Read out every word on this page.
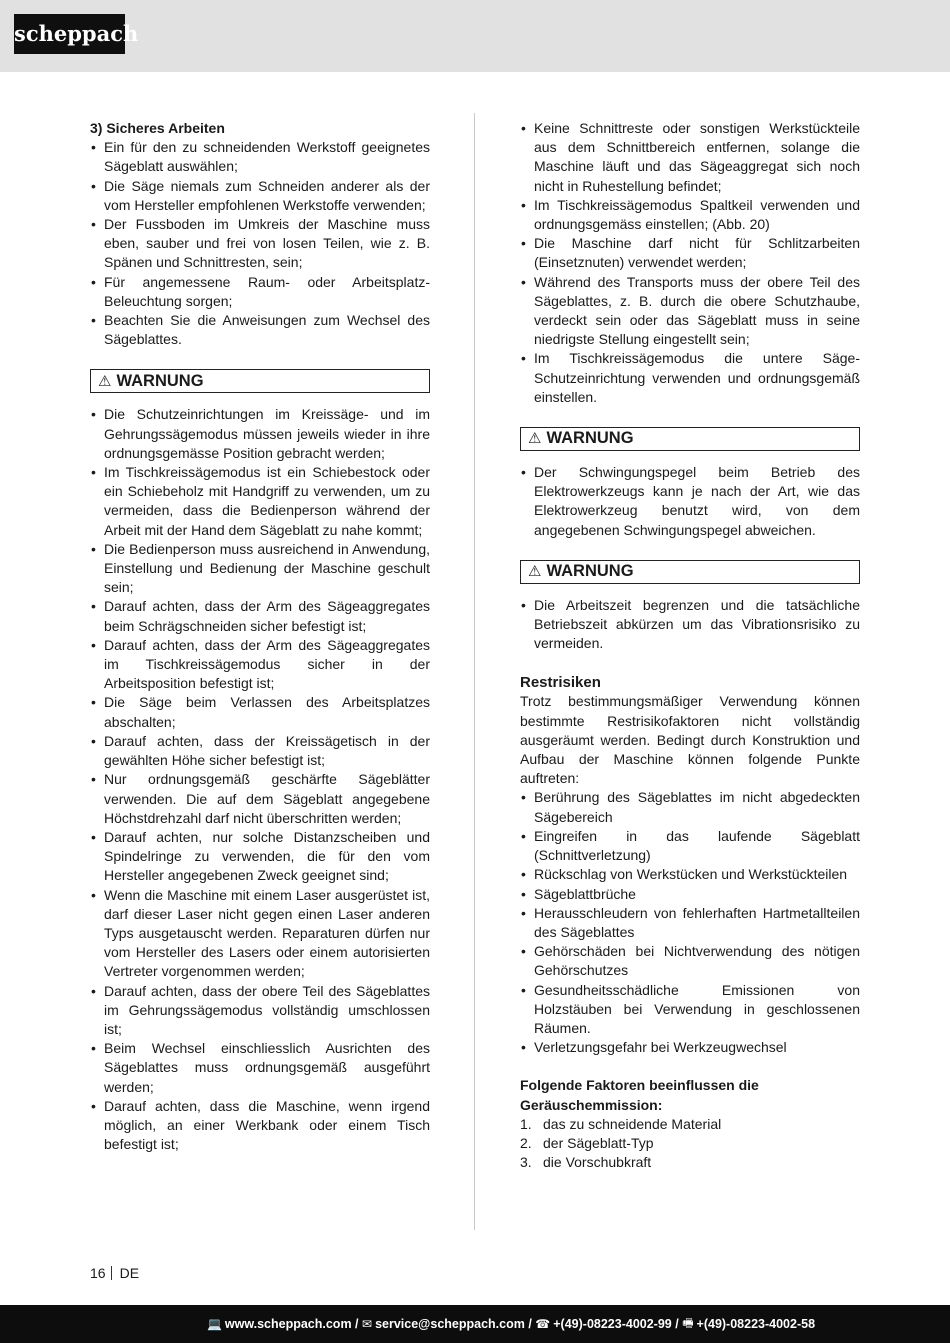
scheppach
3) Sicheres Arbeiten
• Ein für den zu schneidenden Werkstoff geeignetes Sägeblatt auswählen;
• Die Säge niemals zum Schneiden anderer als der vom Hersteller empfohlenen Werkstoffe verwenden;
• Der Fussboden im Umkreis der Maschine muss eben, sauber und frei von losen Teilen, wie z. B. Spänen und Schnittresten, sein;
• Für angemessene Raum- oder Arbeitsplatz-Beleuchtung sorgen;
• Beachten Sie die Anweisungen zum Wechsel des Sägeblattes.
⚠ WARNUNG
• Die Schutzeinrichtungen im Kreissäge- und im Gehrungssägemodus müssen jeweils wieder in ihre ordnungsgemässe Position gebracht werden;
• Im Tischkreissägemodus ist ein Schiebestock oder ein Schiebeholz mit Handgriff zu verwenden, um zu vermeiden, dass die Bedienperson während der Arbeit mit der Hand dem Sägeblatt zu nahe kommt;
• Die Bedienperson muss ausreichend in Anwendung, Einstellung und Bedienung der Maschine geschult sein;
• Darauf achten, dass der Arm des Sägeaggregates beim Schrägschneiden sicher befestigt ist;
• Darauf achten, dass der Arm des Sägeaggregates im Tischkreissägemodus sicher in der Arbeitsposition befestigt ist;
• Die Säge beim Verlassen des Arbeitsplatzes abschalten;
• Darauf achten, dass der Kreissägetisch in der gewählten Höhe sicher befestigt ist;
• Nur ordnungsgemäß geschärfte Sägeblätter verwenden. Die auf dem Sägeblatt angegebene Höchstdrehzahl darf nicht überschritten werden;
• Darauf achten, nur solche Distanzscheiben und Spindelringe zu verwenden, die für den vom Hersteller angegebenen Zweck geeignet sind;
• Wenn die Maschine mit einem Laser ausgerüstet ist, darf dieser Laser nicht gegen einen Laser anderen Typs ausgetauscht werden. Reparaturen dürfen nur vom Hersteller des Lasers oder einem autorisierten Vertreter vorgenommen werden;
• Darauf achten, dass der obere Teil des Sägeblattes im Gehrungssägemodus vollständig umschlossen ist;
• Beim Wechsel einschliesslich Ausrichten des Sägeblattes muss ordnungsgemäß ausgeführt werden;
• Darauf achten, dass die Maschine, wenn irgend möglich, an einer Werkbank oder einem Tisch befestigt ist;
• Keine Schnittreste oder sonstigen Werkstückteile aus dem Schnittbereich entfernen, solange die Maschine läuft und das Sägeaggregat sich noch nicht in Ruhestellung befindet;
• Im Tischkreissägemodus Spaltkeil verwenden und ordnungsgemäss einstellen; (Abb. 20)
• Die Maschine darf nicht für Schlitzarbeiten (Einsetznuten) verwendet werden;
• Während des Transports muss der obere Teil des Sägeblattes, z. B. durch die obere Schutzhaube, verdeckt sein oder das Sägeblatt muss in seine niedrigste Stellung eingestellt sein;
• Im Tischkreissägemodus die untere Säge-Schutzeinrichtung verwenden und ordnungsgemäß einstellen.
⚠ WARNUNG
• Der Schwingungspegel beim Betrieb des Elektrowerkzeugs kann je nach der Art, wie das Elektrowerkzeug benutzt wird, von dem angegebenen Schwingungspegel abweichen.
⚠ WARNUNG
• Die Arbeitszeit begrenzen und die tatsächliche Betriebszeit abkürzen um das Vibrationsrisiko zu vermeiden.
Restrisiken

Trotz bestimmungsmäßiger Verwendung können bestimmte Restrisikofaktoren nicht vollständig ausgeräumt werden. Bedingt durch Konstruktion und Aufbau der Maschine können folgende Punkte auftreten:

• Berührung des Sägeblattes im nicht abgedeckten Sägebereich
• Eingreifen in das laufende Sägeblatt (Schnittverletzung)
• Rückschlag von Werkstücken und Werkstückteilen
• Sägeblattbrüche
• Herausschleudern von fehlerhaften Hartmetallteilen des Sägeblattes
• Gehörschäden bei Nichtverwendung des nötigen Gehörschutzes
• Gesundheitsschädliche Emissionen von Holzstäuben bei Verwendung in geschlossenen Räumen.
• Verletzungsgefahr bei Werkzeugwechsel
Folgende Faktoren beeinflussen die Geräuschemmission:
1. das zu schneidende Material
2. der Sägeblatt-Typ
3. die Vorschubkraft
16 DE
💻 www.scheppach.com
/
✉ service@scheppach.com
/
☎ +(49)-08223-4002-99
/
🖷 +(49)-08223-4002-58
